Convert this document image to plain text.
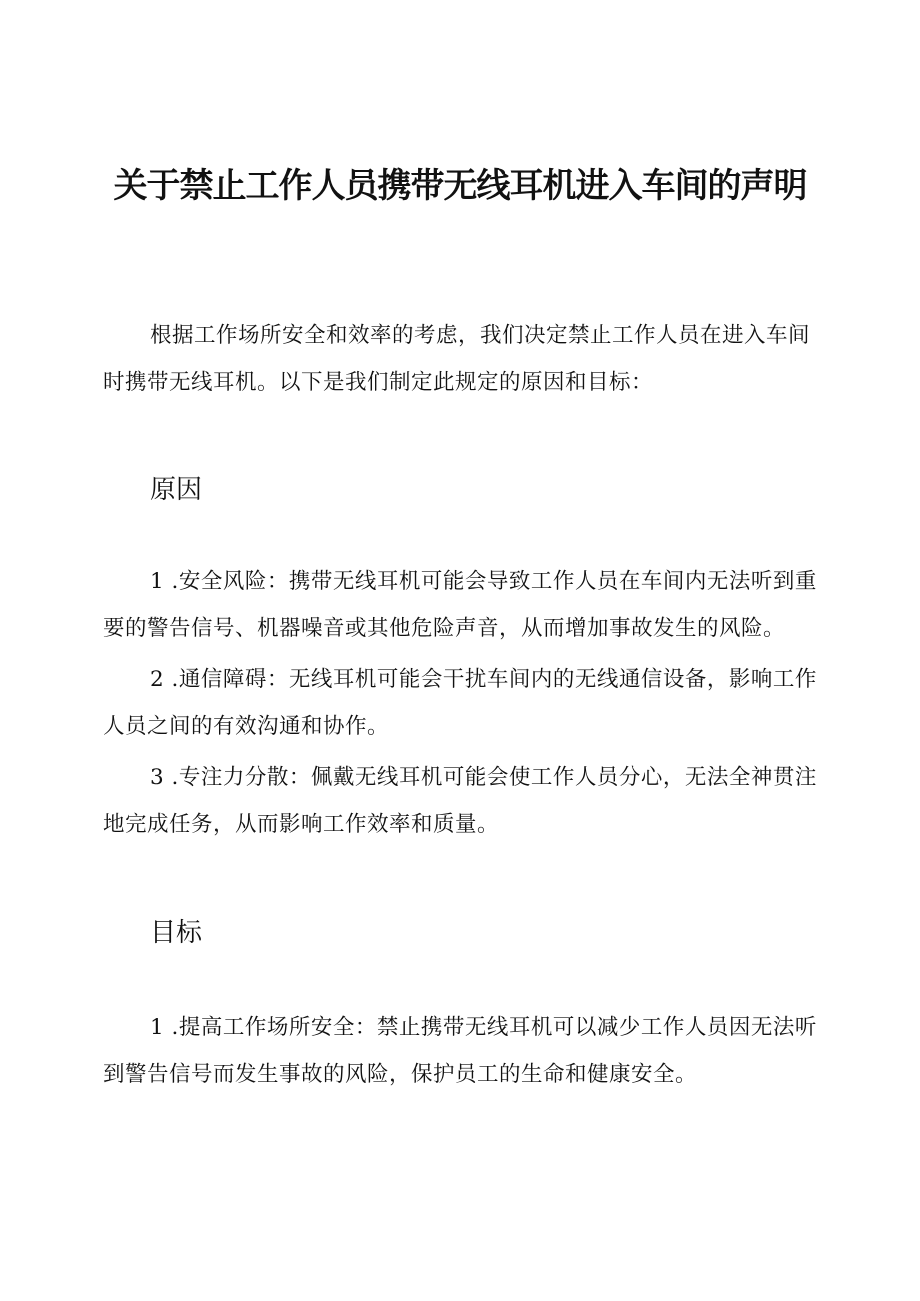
关于禁止工作人员携带无线耳机进入车间的声明

根据工作场所安全和效率的考虑，我们决定禁止工作人员在进入车间时携带无线耳机。以下是我们制定此规定的原因和目标：

原因

1 .安全风险：携带无线耳机可能会导致工作人员在车间内无法听到重要的警告信号、机器噪音或其他危险声音，从而增加事故发生的风险。

2 .通信障碍：无线耳机可能会干扰车间内的无线通信设备，影响工作人员之间的有效沟通和协作。

3 .专注力分散：佩戴无线耳机可能会使工作人员分心，无法全神贯注地完成任务，从而影响工作效率和质量。

目标

1 .提高工作场所安全：禁止携带无线耳机可以减少工作人员因无法听到警告信号而发生事故的风险，保护员工的生命和健康安全。
